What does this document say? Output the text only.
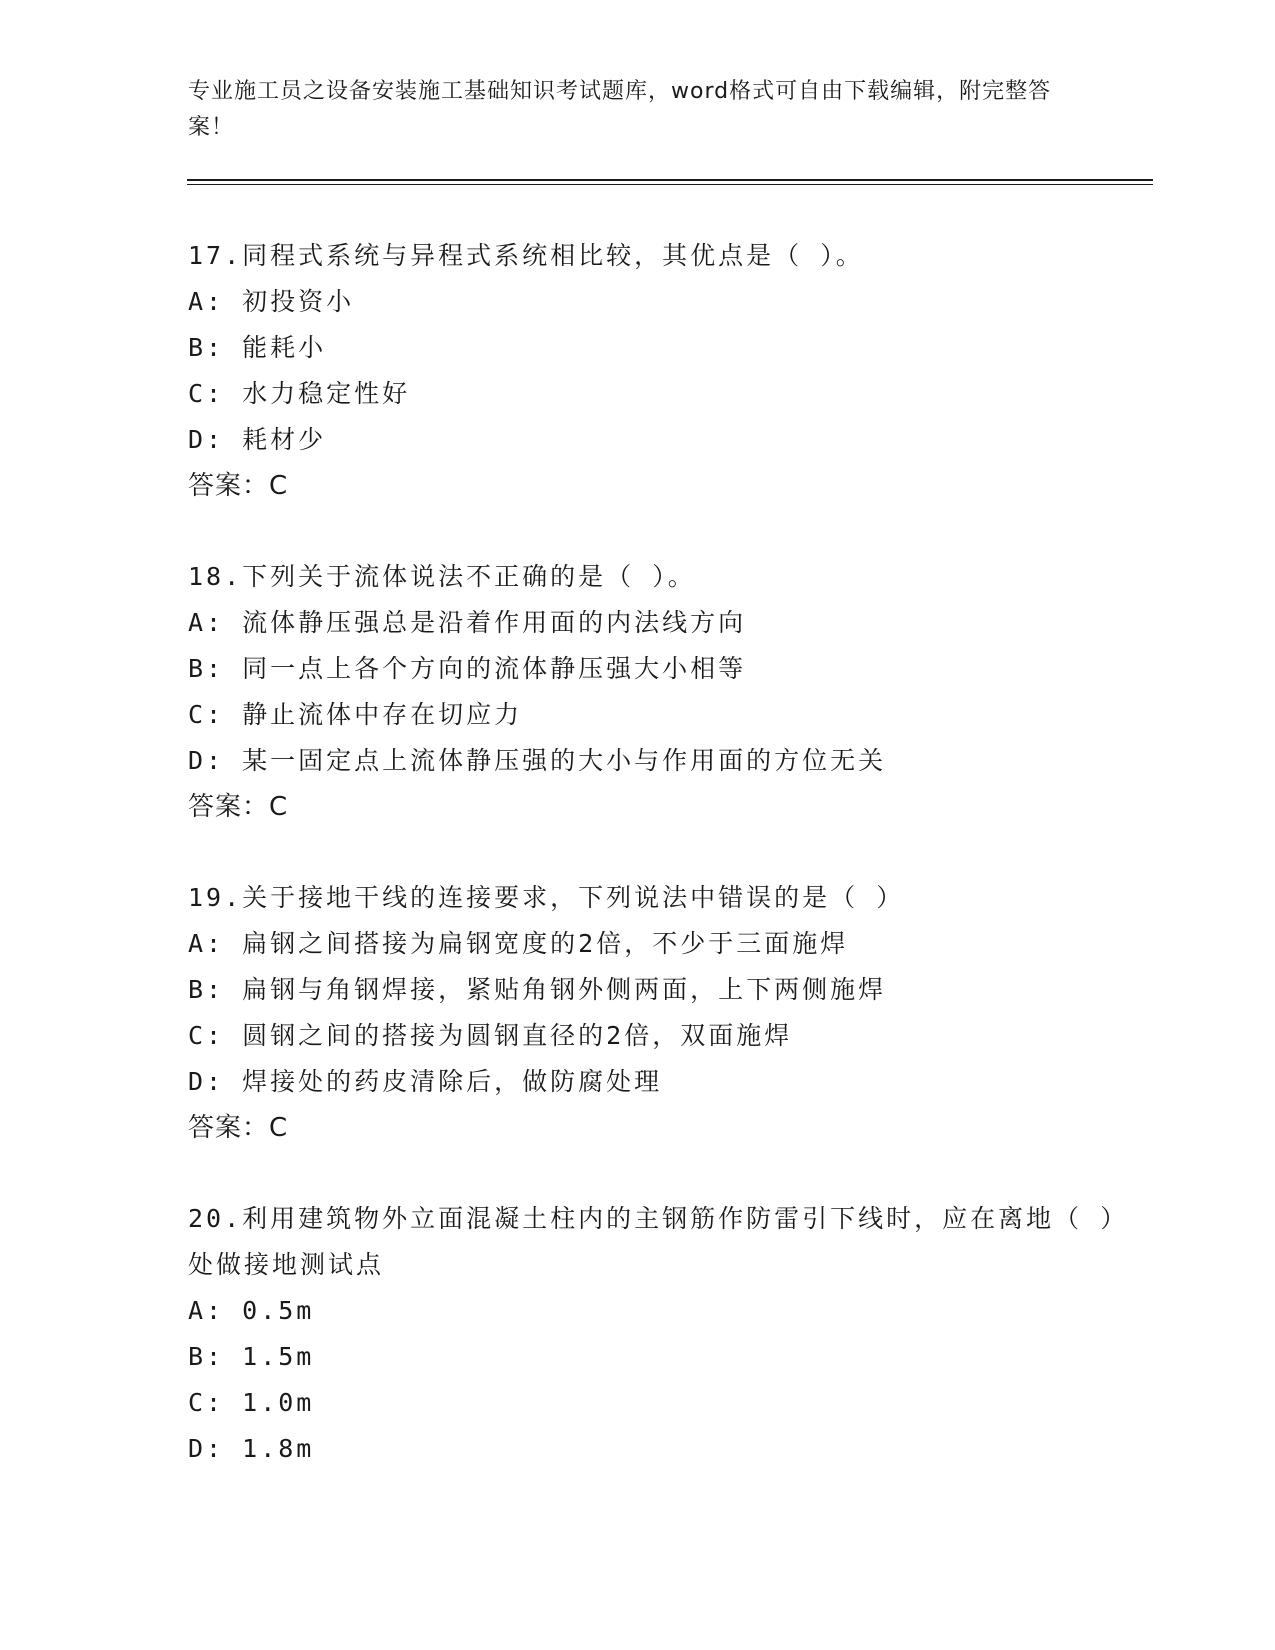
专业施工员之设备安装施工基础知识考试题库，word格式可自由下载编辑，附完整答案！
17.同程式系统与异程式系统相比较，其优点是（ ）。
A: 初投资小
B: 能耗小
C: 水力稳定性好
D: 耗材少
答案：C
18.下列关于流体说法不正确的是（ ）。
A: 流体静压强总是沿着作用面的内法线方向
B: 同一点上各个方向的流体静压强大小相等
C: 静止流体中存在切应力
D: 某一固定点上流体静压强的大小与作用面的方位无关
答案：C
19.关于接地干线的连接要求，下列说法中错误的是（ ）
A: 扁钢之间搭接为扁钢宽度的2倍，不少于三面施焊
B: 扁钢与角钢焊接，紧贴角钢外侧两面，上下两侧施焊
C: 圆钢之间的搭接为圆钢直径的2倍，双面施焊
D: 焊接处的药皮清除后，做防腐处理
答案：C
20.利用建筑物外立面混凝土柱内的主钢筋作防雷引下线时，应在离地（ ）处做接地测试点
A: 0.5m
B: 1.5m
C: 1.0m
D: 1.8m
